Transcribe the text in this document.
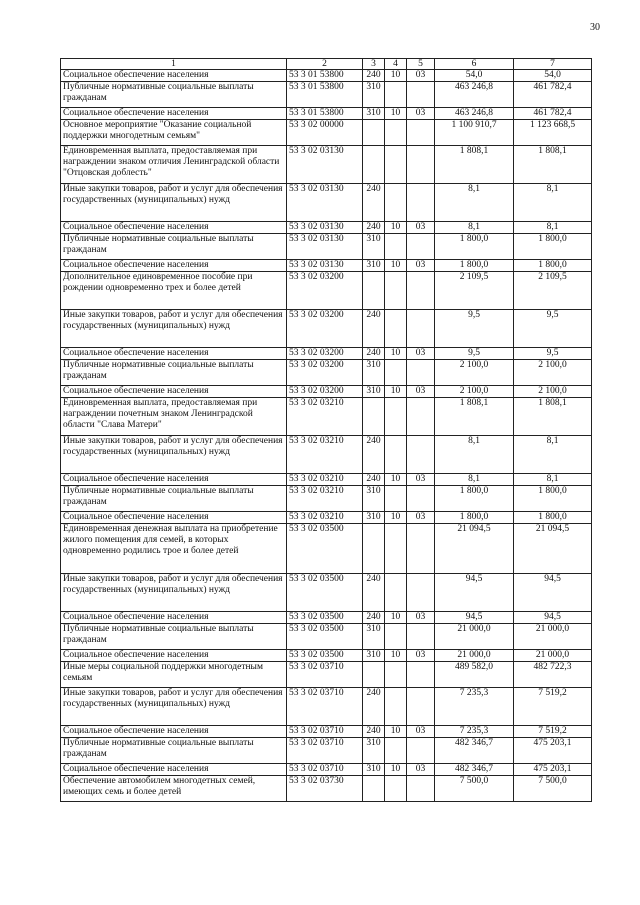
30
1	2	3	4	5	6	7
Социальное обеспечение населения	53 3 01 53800	240	10	03	54,0	54,0
Публичные нормативные социальные выплаты гражданам	53 3 01 53800	310			463 246,8	461 782,4
Социальное обеспечение населения	53 3 01 53800	310	10	03	463 246,8	461 782,4
Основное мероприятие "Оказание социальной поддержки многодетным семьям"	53 3 02 00000				1 100 910,7	1 123 668,5
Единовременная выплата, предоставляемая при награждении знаком отличия Ленинградской области "Отцовская доблесть"	53 3 02 03130				1 808,1	1 808,1
Иные закупки товаров, работ и услуг для обеспечения государственных (муниципальных) нужд	53 3 02 03130	240			8,1	8,1
Социальное обеспечение населения	53 3 02 03130	240	10	03	8,1	8,1
Публичные нормативные социальные выплаты гражданам	53 3 02 03130	310			1 800,0	1 800,0
Социальное обеспечение населения	53 3 02 03130	310	10	03	1 800,0	1 800,0
Дополнительное единовременное пособие при рождении одновременно трех и более детей	53 3 02 03200				2 109,5	2 109,5
Иные закупки товаров, работ и услуг для обеспечения государственных (муниципальных) нужд	53 3 02 03200	240			9,5	9,5
Социальное обеспечение населения	53 3 02 03200	240	10	03	9,5	9,5
Публичные нормативные социальные выплаты гражданам	53 3 02 03200	310			2 100,0	2 100,0
Социальное обеспечение населения	53 3 02 03200	310	10	03	2 100,0	2 100,0
Единовременная выплата, предоставляемая при награждении почетным знаком Ленинградской области "Слава Матери"	53 3 02 03210				1 808,1	1 808,1
Иные закупки товаров, работ и услуг для обеспечения государственных (муниципальных) нужд	53 3 02 03210	240			8,1	8,1
Социальное обеспечение населения	53 3 02 03210	240	10	03	8,1	8,1
Публичные нормативные социальные выплаты гражданам	53 3 02 03210	310			1 800,0	1 800,0
Социальное обеспечение населения	53 3 02 03210	310	10	03	1 800,0	1 800,0
Единовременная денежная выплата на приобретение жилого помещения для семей, в которых одновременно родились трое и более детей	53 3 02 03500				21 094,5	21 094,5
Иные закупки товаров, работ и услуг для обеспечения государственных (муниципальных) нужд	53 3 02 03500	240			94,5	94,5
Социальное обеспечение населения	53 3 02 03500	240	10	03	94,5	94,5
Публичные нормативные социальные выплаты гражданам	53 3 02 03500	310			21 000,0	21 000,0
Социальное обеспечение населения	53 3 02 03500	310	10	03	21 000,0	21 000,0
Иные меры социальной поддержки многодетным семьям	53 3 02 03710				489 582,0	482 722,3
Иные закупки товаров, работ и услуг для обеспечения государственных (муниципальных) нужд	53 3 02 03710	240			7 235,3	7 519,2
Социальное обеспечение населения	53 3 02 03710	240	10	03	7 235,3	7 519,2
Публичные нормативные социальные выплаты гражданам	53 3 02 03710	310			482 346,7	475 203,1
Социальное обеспечение населения	53 3 02 03710	310	10	03	482 346,7	475 203,1
Обеспечение автомобилем многодетных семей, имеющих семь и более детей	53 3 02 03730				7 500,0	7 500,0
